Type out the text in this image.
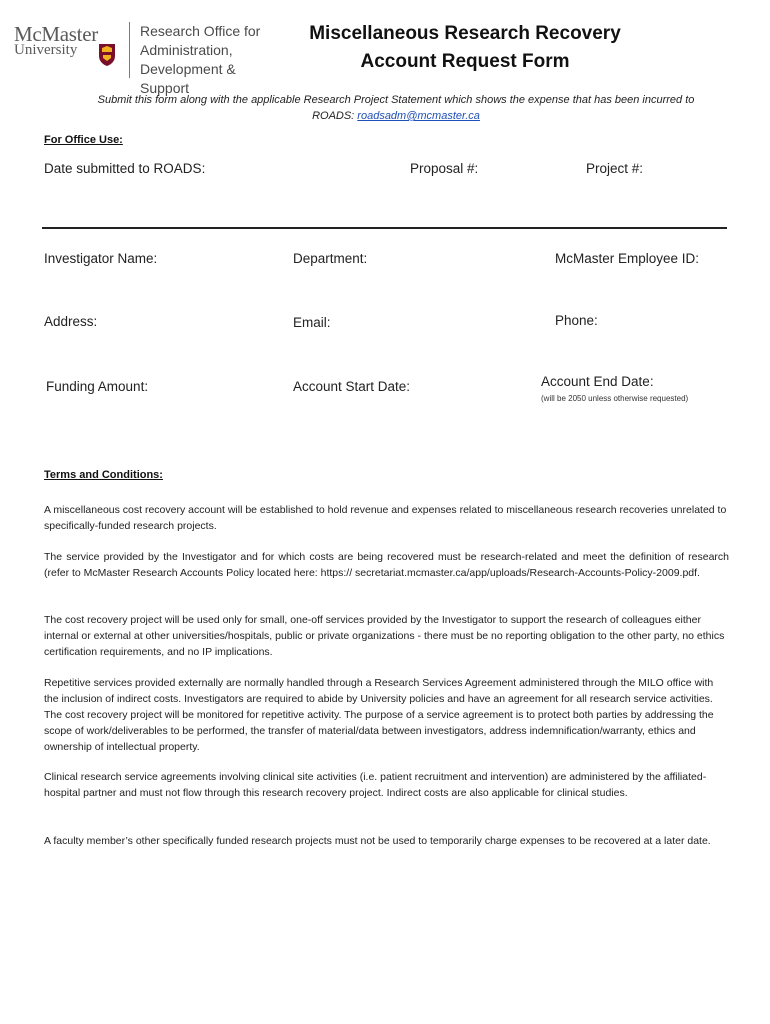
McMaster
University
Research Office for
Administration,
Development & Support
Miscellaneous Research Recovery
Account Request Form
Submit this form along with the applicable Research Project Statement which shows the expense that has been incurred to ROADS: roadsadm@mcmaster.ca
For Office Use:
Date submitted to ROADS:	Proposal #:	Project #:
Investigator Name:	Department:	McMaster Employee ID:
Address:	Email:	Phone:
Funding Amount:	Account Start Date:	Account End Date:
(will be 2050 unless otherwise requested)
Terms and Conditions:
A miscellaneous cost recovery account will be established to hold revenue and expenses related to miscellaneous research recoveries unrelated to specifically-funded research projects.
The service provided by the Investigator and for which costs are being recovered must be research-related and meet the definition of research (refer to McMaster Research Accounts Policy located here: https:// secretariat.mcmaster.ca/app/uploads/Research-Accounts-Policy-2009.pdf.
The cost recovery project will be used only for small, one-off services provided by the Investigator to support the research of colleagues either internal or external at other universities/hospitals, public or private organizations - there must be no reporting obligation to the other party, no ethics certification requirements, and no IP implications.
Repetitive services provided externally are normally handled through a Research Services Agreement administered through the MILO office with the inclusion of indirect costs. Investigators are required to abide by University policies and have an agreement for all research service activities. The cost recovery project will be monitored for repetitive activity. The purpose of a service agreement is to protect both parties by addressing the scope of work/deliverables to be performed, the transfer of material/data between investigators, address indemnification/warranty, ethics and ownership of intellectual property.
Clinical research service agreements involving clinical site activities (i.e. patient recruitment and intervention) are administered by the affiliated-hospital partner and must not flow through this research recovery project. Indirect costs are also applicable for clinical studies.
A faculty member’s other specifically funded research projects must not be used to temporarily charge expenses to be recovered at a later date.
